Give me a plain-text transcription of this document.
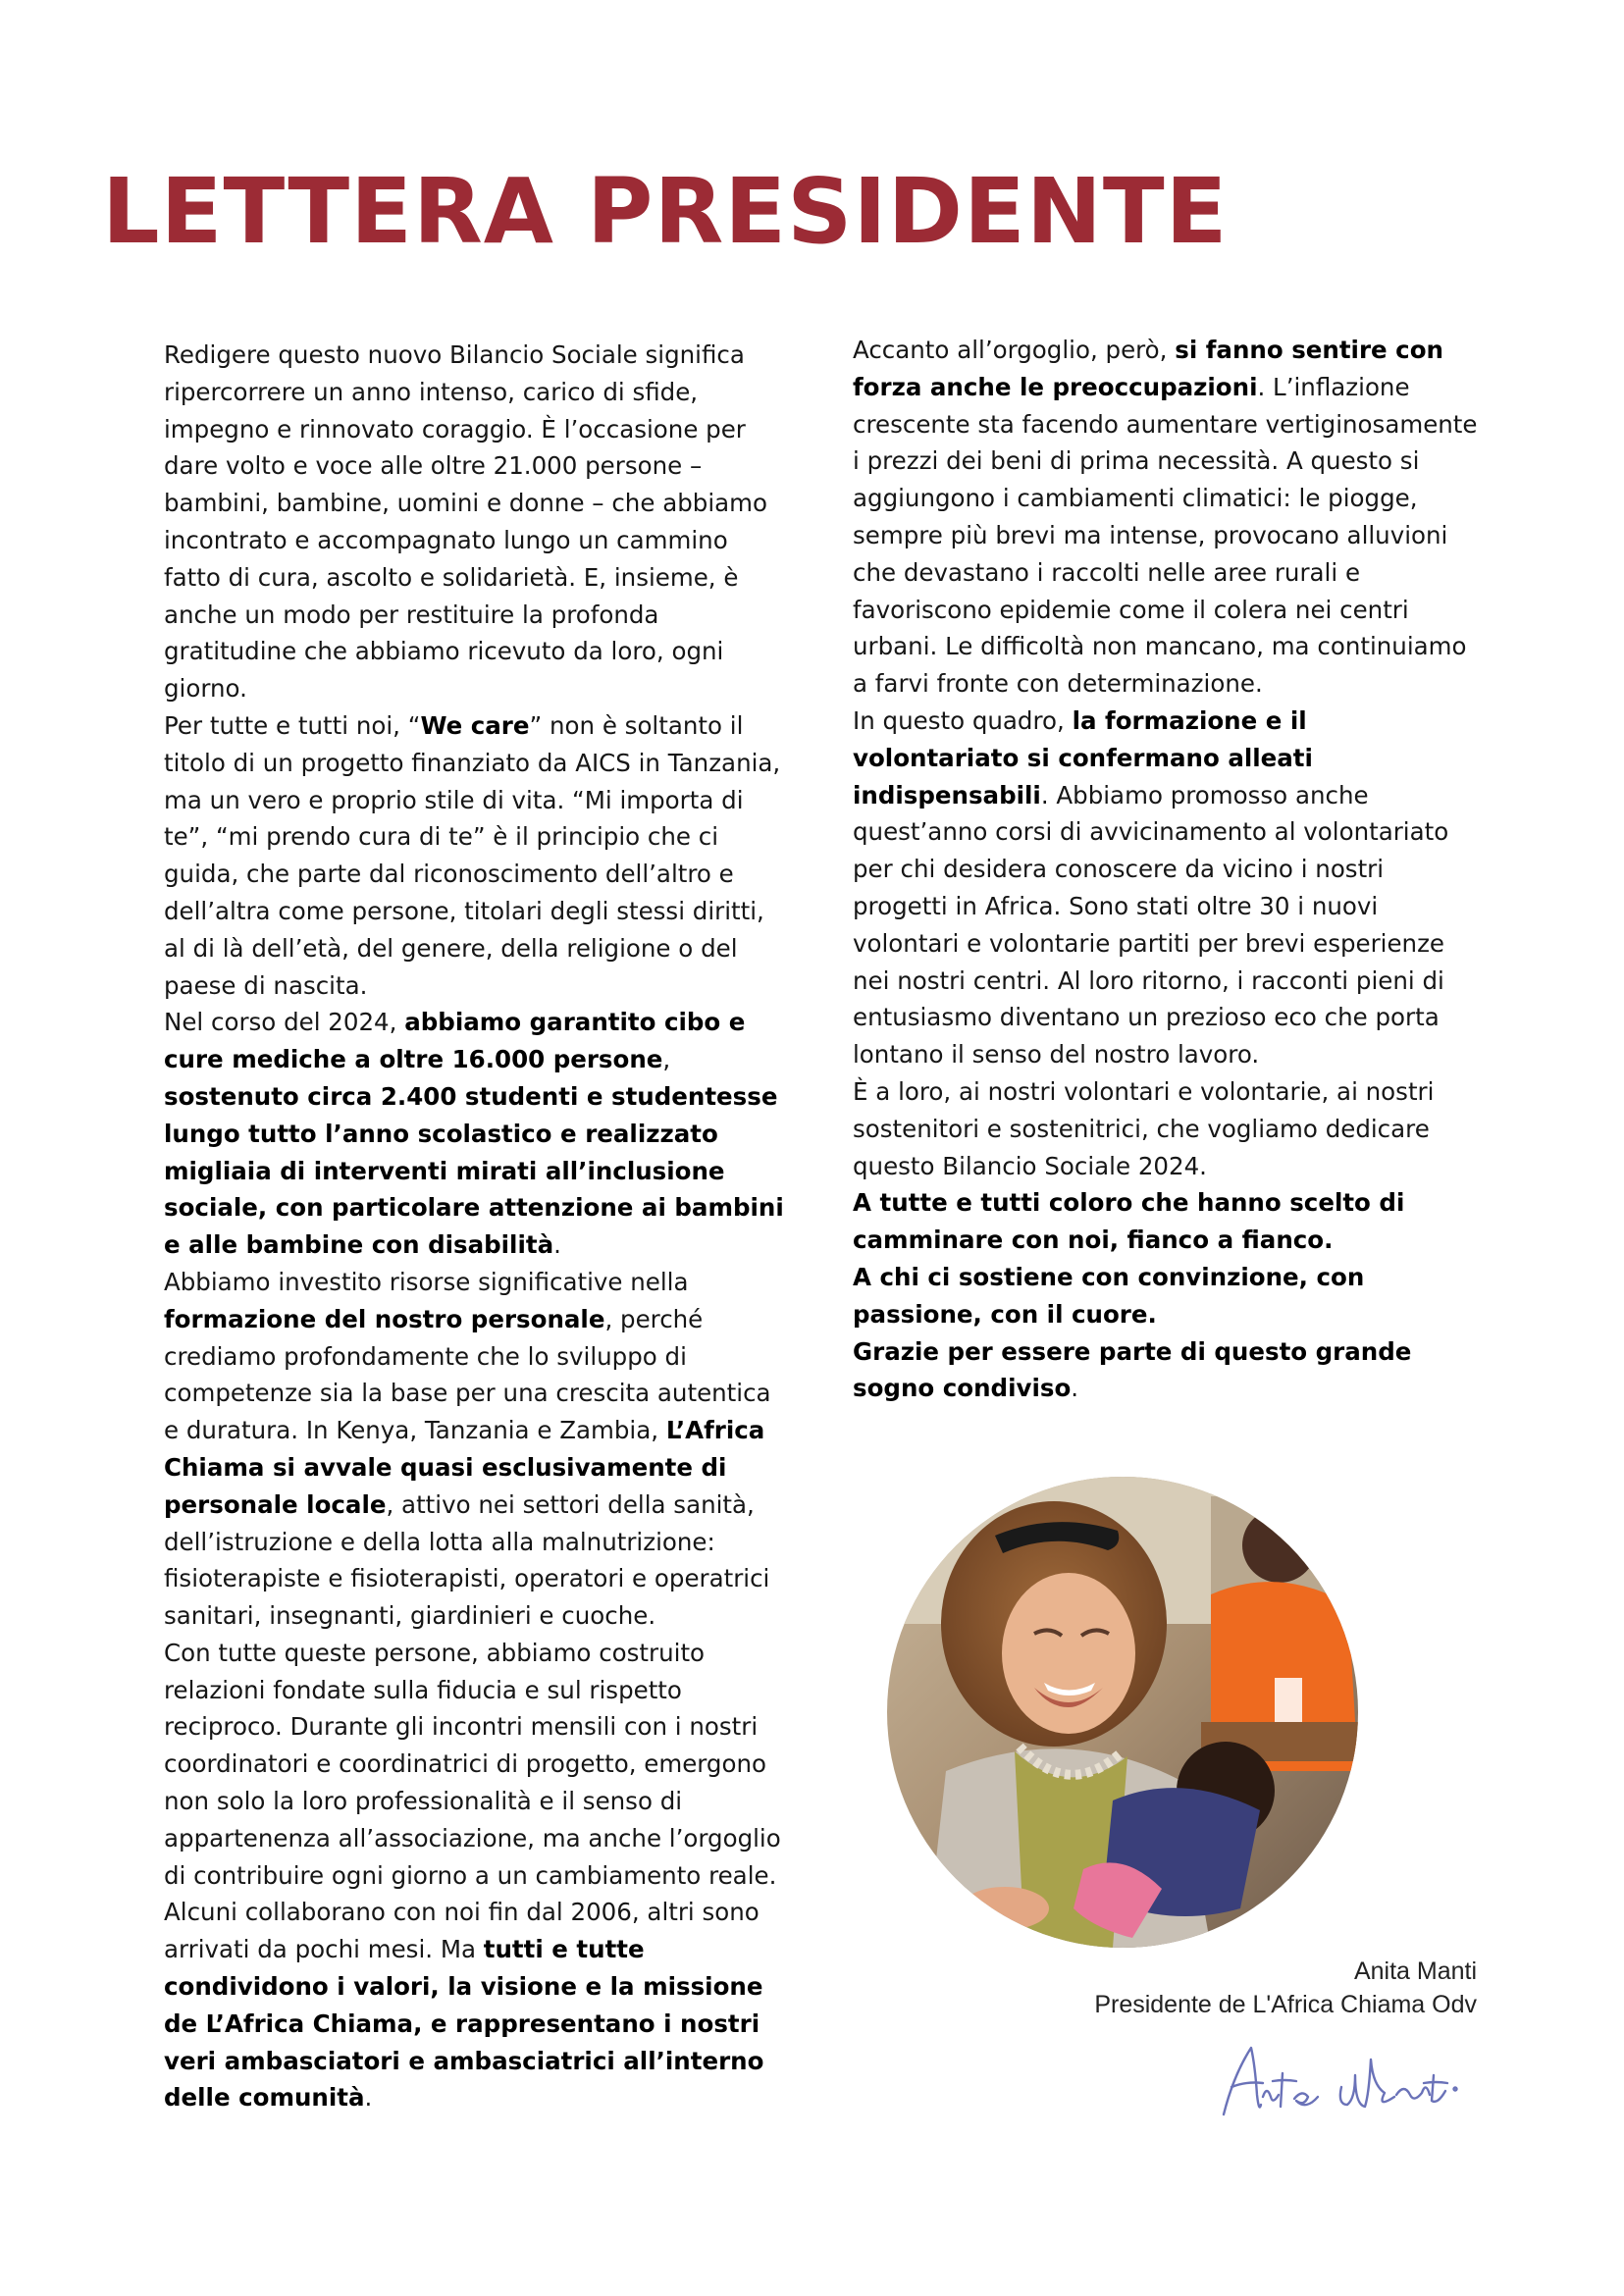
LETTERA PRESIDENTE

Redigere questo nuovo Bilancio Sociale significa ripercorrere un anno intenso, carico di sfide, impegno e rinnovato coraggio. È l’occasione per dare volto e voce alle oltre 21.000 persone – bambini, bambine, uomini e donne – che abbiamo incontrato e accompagnato lungo un cammino fatto di cura, ascolto e solidarietà. E, insieme, è anche un modo per restituire la profonda gratitudine che abbiamo ricevuto da loro, ogni giorno.

Per tutte e tutti noi, “We care” non è soltanto il titolo di un progetto finanziato da AICS in Tanzania, ma un vero e proprio stile di vita. “Mi importa di te”, “mi prendo cura di te” è il principio che ci guida, che parte dal riconoscimento dell’altro e dell’altra come persone, titolari degli stessi diritti, al di là dell’età, del genere, della religione o del paese di nascita.

Nel corso del 2024, abbiamo garantito cibo e cure mediche a oltre 16.000 persone, sostenuto circa 2.400 studenti e studentesse lungo tutto l’anno scolastico e realizzato migliaia di interventi mirati all’inclusione sociale, con particolare attenzione ai bambini e alle bambine con disabilità.

Abbiamo investito risorse significative nella formazione del nostro personale, perché crediamo profondamente che lo sviluppo di competenze sia la base per una crescita autentica e duratura. In Kenya, Tanzania e Zambia, L’Africa Chiama si avvale quasi esclusivamente di personale locale, attivo nei settori della sanità, dell’istruzione e della lotta alla malnutrizione: fisioterapiste e fisioterapisti, operatori e operatrici sanitari, insegnanti, giardinieri e cuoche.

Con tutte queste persone, abbiamo costruito relazioni fondate sulla fiducia e sul rispetto reciproco. Durante gli incontri mensili con i nostri coordinatori e coordinatrici di progetto, emergono non solo la loro professionalità e il senso di appartenenza all’associazione, ma anche l’orgoglio di contribuire ogni giorno a un cambiamento reale.

Alcuni collaborano con noi fin dal 2006, altri sono arrivati da pochi mesi. Ma tutti e tutte condividono i valori, la visione e la missione de L’Africa Chiama, e rappresentano i nostri veri ambasciatori e ambasciatrici all’interno delle comunità.

Accanto all’orgoglio, però, si fanno sentire con forza anche le preoccupazioni. L’inflazione crescente sta facendo aumentare vertiginosamente i prezzi dei beni di prima necessità. A questo si aggiungono i cambiamenti climatici: le piogge, sempre più brevi ma intense, provocano alluvioni che devastano i raccolti nelle aree rurali e favoriscono epidemie come il colera nei centri urbani. Le difficoltà non mancano, ma continuiamo a farvi fronte con determinazione.

In questo quadro, la formazione e il volontariato si confermano alleati indispensabili. Abbiamo promosso anche quest’anno corsi di avvicinamento al volontariato per chi desidera conoscere da vicino i nostri progetti in Africa. Sono stati oltre 30 i nuovi volontari e volontarie partiti per brevi esperienze nei nostri centri. Al loro ritorno, i racconti pieni di entusiasmo diventano un prezioso eco che porta lontano il senso del nostro lavoro.

È a loro, ai nostri volontari e volontarie, ai nostri sostenitori e sostenitrici, che vogliamo dedicare questo Bilancio Sociale 2024.

A tutte e tutti coloro che hanno scelto di camminare con noi, fianco a fianco.

A chi ci sostiene con convinzione, con passione, con il cuore.

Grazie per essere parte di questo grande sogno condiviso.

Anita Manti
Presidente de L'Africa Chiama Odv
